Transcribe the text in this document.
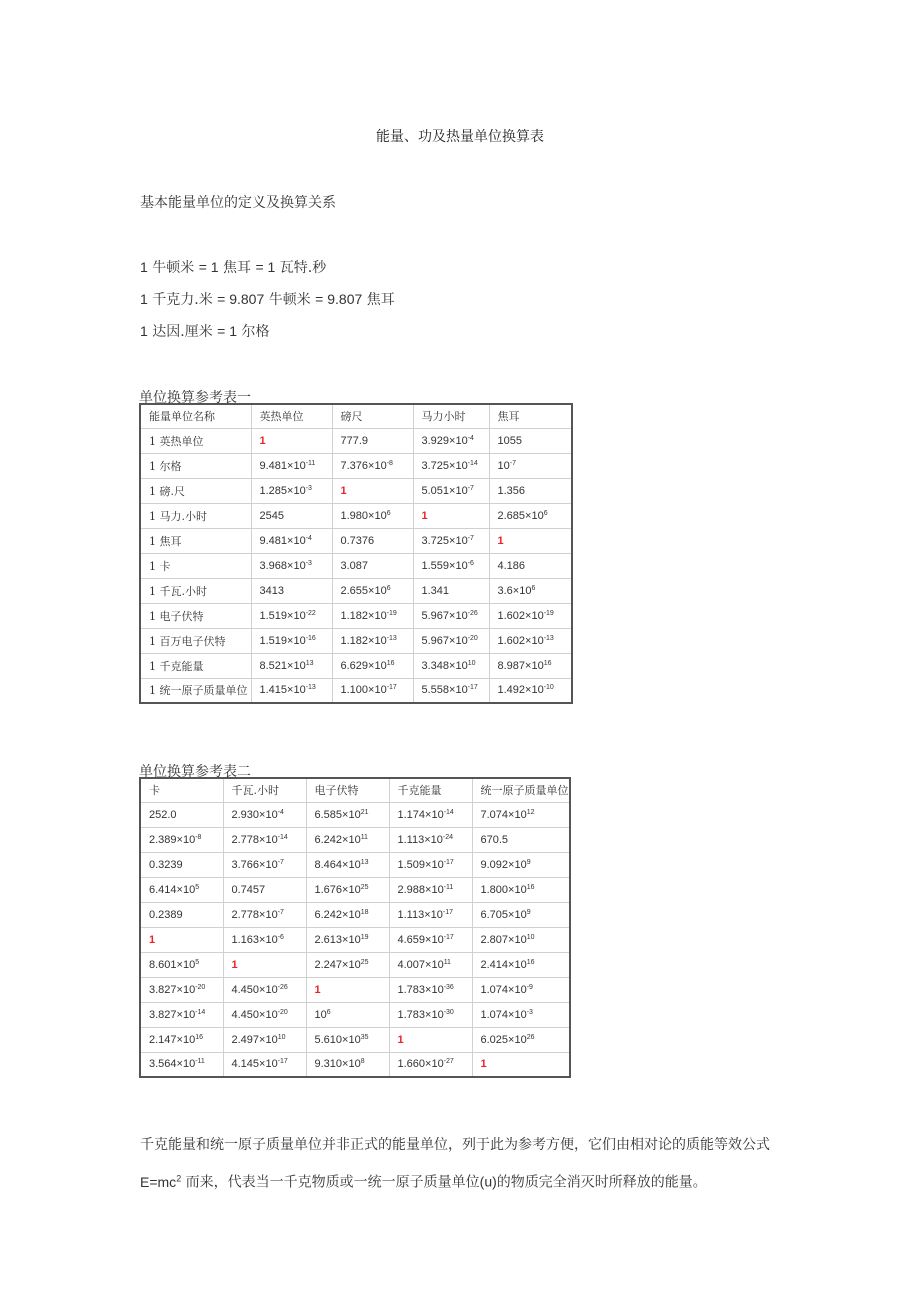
能量、功及热量单位换算表
基本能量单位的定义及换算关系
1 牛顿米 = 1 焦耳 = 1 瓦特.秒
1 千克力.米 = 9.807 牛顿米 = 9.807 焦耳
1 达因.厘米 = 1 尔格
单位换算参考表一
能量单位名称	英热单位	磅尺	马力小时	焦耳
1 英热单位	1	777.9	$3.929\times 10^{-4}$	1055
1 尔格	$9.481\times 10^{-11}$	$7.376\times 10^{-8}$	$3.725\times 10^{-14}$	$10^{-7}$
1 磅.尺	$1.285\times 10^{-3}$	1	$5.051\times 10^{-7}$	1.356
1 马力.小时	2545	$1.980\times 10^6$	1	$2.685\times 10^6$
1 焦耳	$9.481\times 10^{-4}$	0.7376	$3.725\times 10^{-7}$	1
1 卡	$3.968\times 10^{-3}$	3.087	$1.559\times 10^{-6}$	4.186
1 千瓦.小时	3413	$2.655\times 10^6$	1.341	$3.6\times 10^6$
1 电子伏特	$1.519\times 10^{-22}$	$1.182\times 10^{-19}$	$5.967\times 10^{-26}$	$1.602\times 10^{-19}$
1 百万电子伏特	$1.519\times 10^{-16}$	$1.182\times 10^{-13}$	$5.967\times 10^{-20}$	$1.602\times 10^{-13}$
1 千克能量	$8.521\times 10^{13}$	$6.629\times 10^{16}$	$3.348\times 10^{10}$	$8.987\times 10^{16}$
1 统一原子质量单位	$1.415\times 10^{-13}$	$1.100\times 10^{-17}$	$5.558\times 10^{-17}$	$1.492\times 10^{-10}$
单位换算参考表二
卡	千瓦.小时	电子伏特	千克能量	统一原子质量单位
252.0	$2.930\times 10^{-4}$	$6.585\times 10^{21}$	$1.174\times 10^{-14}$	$7.074\times 10^{12}$
$2.389\times 10^{-8}$	$2.778\times 10^{-14}$	$6.242\times 10^{11}$	$1.113\times 10^{-24}$	670.5
0.3239	$3.766\times 10^{-7}$	$8.464\times 10^{13}$	$1.509\times 10^{-17}$	$9.092\times 10^9$
$6.414\times 10^5$	0.7457	$1.676\times 10^{25}$	$2.988\times 10^{-11}$	$1.800\times 10^{16}$
0.2389	$2.778\times 10^{-7}$	$6.242\times 10^{18}$	$1.113\times 10^{-17}$	$6.705\times 10^9$
1	$1.163\times 10^{-6}$	$2.613\times 10^{19}$	$4.659\times 10^{-17}$	$2.807\times 10^{10}$
$8.601\times 10^5$	1	$2.247\times 10^{25}$	$4.007\times 10^{11}$	$2.414\times 10^{16}$
$3.827\times 10^{-20}$	$4.450\times 10^{-26}$	1	$1.783\times 10^{-36}$	$1.074\times 10^{-9}$
$3.827\times 10^{-14}$	$4.450\times 10^{-20}$	$10^6$	$1.783\times 10^{-30}$	$1.074\times 10^{-3}$
$2.147\times 10^{16}$	$2.497\times 10^{10}$	$5.610\times 10^{35}$	1	$6.025\times 10^{26}$
$3.564\times 10^{-11}$	$4.145\times 10^{-17}$	$9.310\times 10^8$	$1.660\times 10^{-27}$	1
千克能量和统一原子质量单位并非正式的能量单位，列于此为参考方便，它们由相对论的质能等效公式
$E=mc^2$ 而来，代表当一千克物质或一统一原子质量单位(u)的物质完全消灭时所释放的能量。
